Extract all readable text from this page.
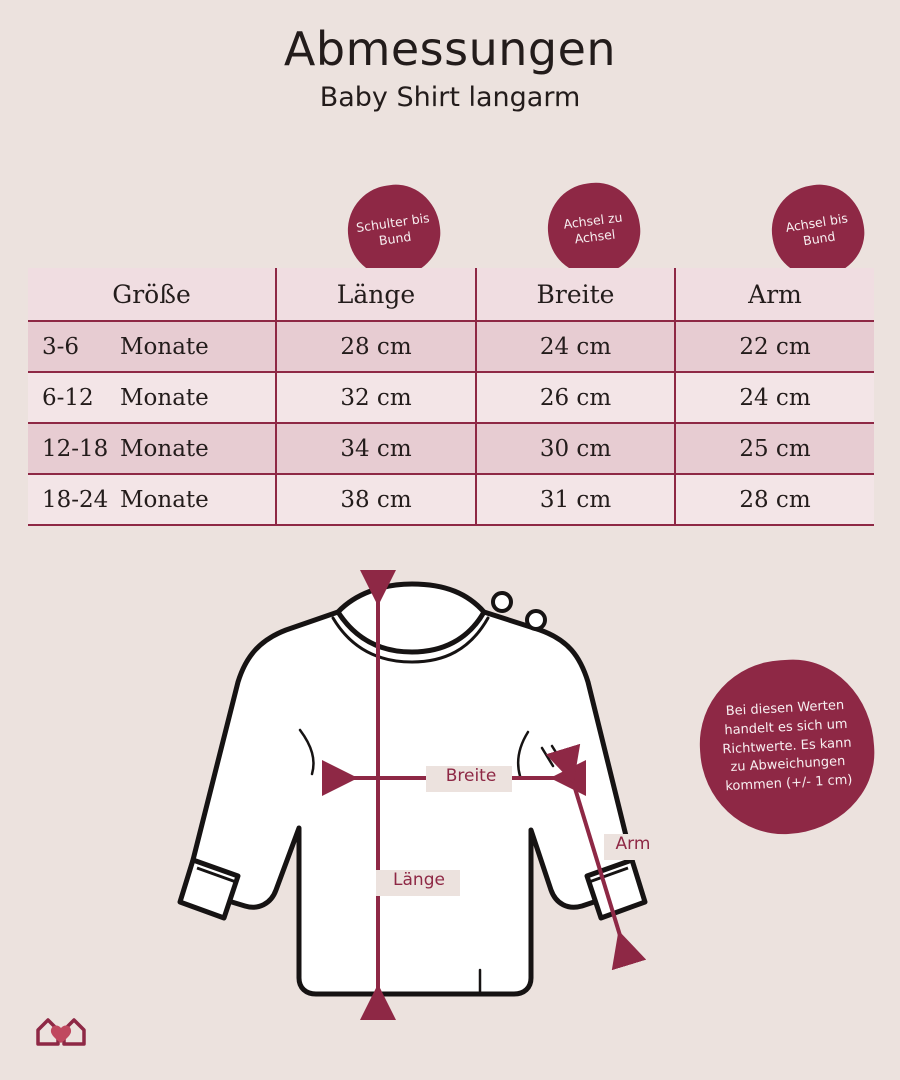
Abmessungen
Baby Shirt langarm
Schulter bis Bund
Achsel zu Achsel
Achsel bis Bund
Größe	Länge	Breite	Arm
3-6 Monate	28 cm	24 cm	22 cm
6-12 Monate	32 cm	26 cm	24 cm
12-18 Monate	34 cm	30 cm	25 cm
18-24 Monate	38 cm	31 cm	28 cm
Breite
Länge
Arm
Bei diesen Werten handelt es sich um Richtwerte. Es kann zu Abweichungen kommen (+/- 1 cm)
